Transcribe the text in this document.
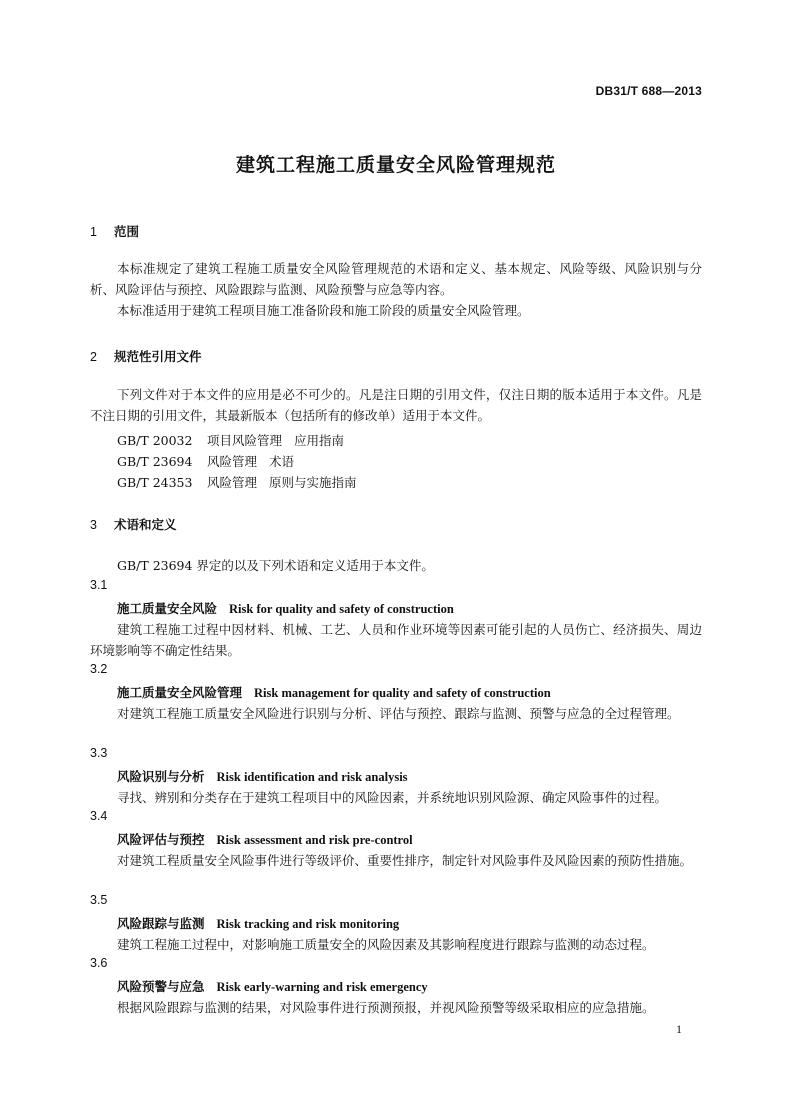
DB31/T 688—2013
建筑工程施工质量安全风险管理规范
1 范围
本标准规定了建筑工程施工质量安全风险管理规范的术语和定义、基本规定、风险等级、风险识别与分析、风险评估与预控、风险跟踪与监测、风险预警与应急等内容。
本标准适用于建筑工程项目施工准备阶段和施工阶段的质量安全风险管理。
2 规范性引用文件
下列文件对于本文件的应用是必不可少的。凡是注日期的引用文件，仅注日期的版本适用于本文件。凡是不注日期的引用文件，其最新版本（包括所有的修改单）适用于本文件。
GB/T 20032 项目风险管理 应用指南
GB/T 23694 风险管理 术语
GB/T 24353 风险管理 原则与实施指南
3 术语和定义
GB/T 23694 界定的以及下列术语和定义适用于本文件。
3.1
施工质量安全风险 Risk for quality and safety of construction
建筑工程施工过程中因材料、机械、工艺、人员和作业环境等因素可能引起的人员伤亡、经济损失、周边环境影响等不确定性结果。
3.2
施工质量安全风险管理 Risk management for quality and safety of construction
对建筑工程施工质量安全风险进行识别与分析、评估与预控、跟踪与监测、预警与应急的全过程管理。
3.3
风险识别与分析 Risk identification and risk analysis
寻找、辨别和分类存在于建筑工程项目中的风险因素，并系统地识别风险源、确定风险事件的过程。
3.4
风险评估与预控 Risk assessment and risk pre-control
对建筑工程质量安全风险事件进行等级评价、重要性排序，制定针对风险事件及风险因素的预防性措施。
3.5
风险跟踪与监测 Risk tracking and risk monitoring
建筑工程施工过程中，对影响施工质量安全的风险因素及其影响程度进行跟踪与监测的动态过程。
3.6
风险预警与应急 Risk early-warning and risk emergency
根据风险跟踪与监测的结果，对风险事件进行预测预报，并视风险预警等级采取相应的应急措施。
1
